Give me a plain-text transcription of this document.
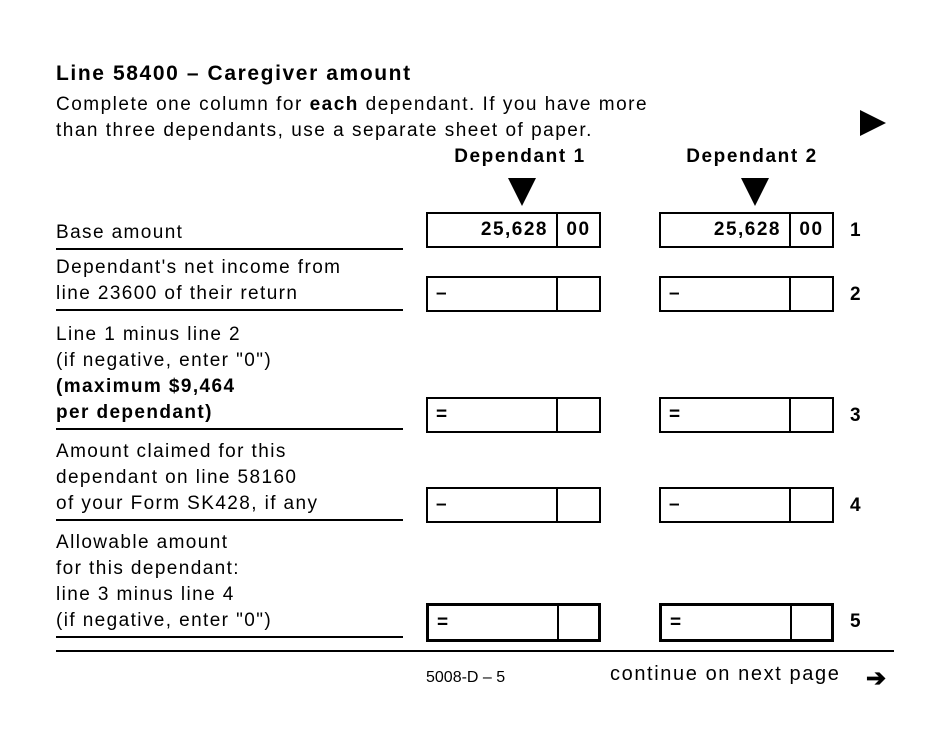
Line 58400 – Caregiver amount
Complete one column for each dependant. If you have more
than three dependants, use a separate sheet of paper.
Dependant 1	Dependant 2
Base amount	25,628 00	25,628 00	1
Dependant's net income from
line 23600 of their return	–	–	2
Line 1 minus line 2
(if negative, enter "0")
(maximum $9,464
per dependant)	=	=	3
Amount claimed for this
dependant on line 58160
of your Form SK428, if any	–	–	4
Allowable amount
for this dependant:
line 3 minus line 4
(if negative, enter "0")	=	=	5
5008-D – 5	continue on next page ➔
